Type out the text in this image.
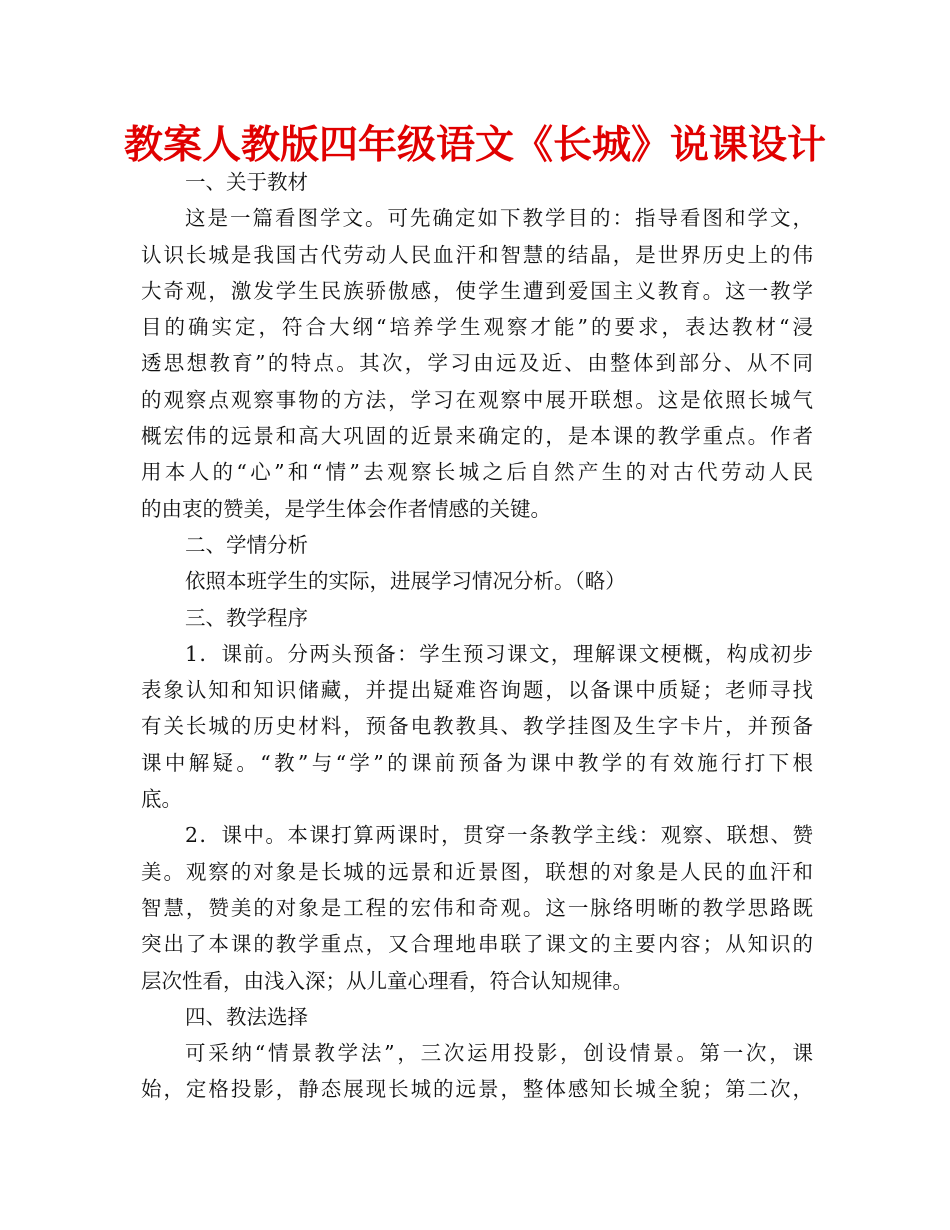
教案人教版四年级语文《长城》说课设计
一、关于教材
这是一篇看图学文。可先确定如下教学目的：指导看图和学文，
认识长城是我国古代劳动人民血汗和智慧的结晶，是世界历史上的伟
大奇观，激发学生民族骄傲感，使学生遭到爱国主义教育。这一教学
目的确实定，符合大纲“培养学生观察才能”的要求，表达教材“浸
透思想教育”的特点。其次，学习由远及近、由整体到部分、从不同
的观察点观察事物的方法，学习在观察中展开联想。这是依照长城气
概宏伟的远景和高大巩固的近景来确定的，是本课的教学重点。作者
用本人的“心”和“情”去观察长城之后自然产生的对古代劳动人民
的由衷的赞美，是学生体会作者情感的关键。
二、学情分析
依照本班学生的实际，进展学习情况分析。（略）
三、教学程序
1．课前。分两头预备：学生预习课文，理解课文梗概，构成初步
表象认知和知识储藏，并提出疑难咨询题，以备课中质疑；老师寻找
有关长城的历史材料，预备电教教具、教学挂图及生字卡片，并预备
课中解疑。“教”与“学”的课前预备为课中教学的有效施行打下根
底。
2．课中。本课打算两课时，贯穿一条教学主线：观察、联想、赞
美。观察的对象是长城的远景和近景图，联想的对象是人民的血汗和
智慧，赞美的对象是工程的宏伟和奇观。这一脉络明晰的教学思路既
突出了本课的教学重点，又合理地串联了课文的主要内容；从知识的
层次性看，由浅入深；从儿童心理看，符合认知规律。
四、教法选择
可采纳“情景教学法”，三次运用投影，创设情景。第一次，课
始，定格投影，静态展现长城的远景，整体感知长城全貌；第二次，
